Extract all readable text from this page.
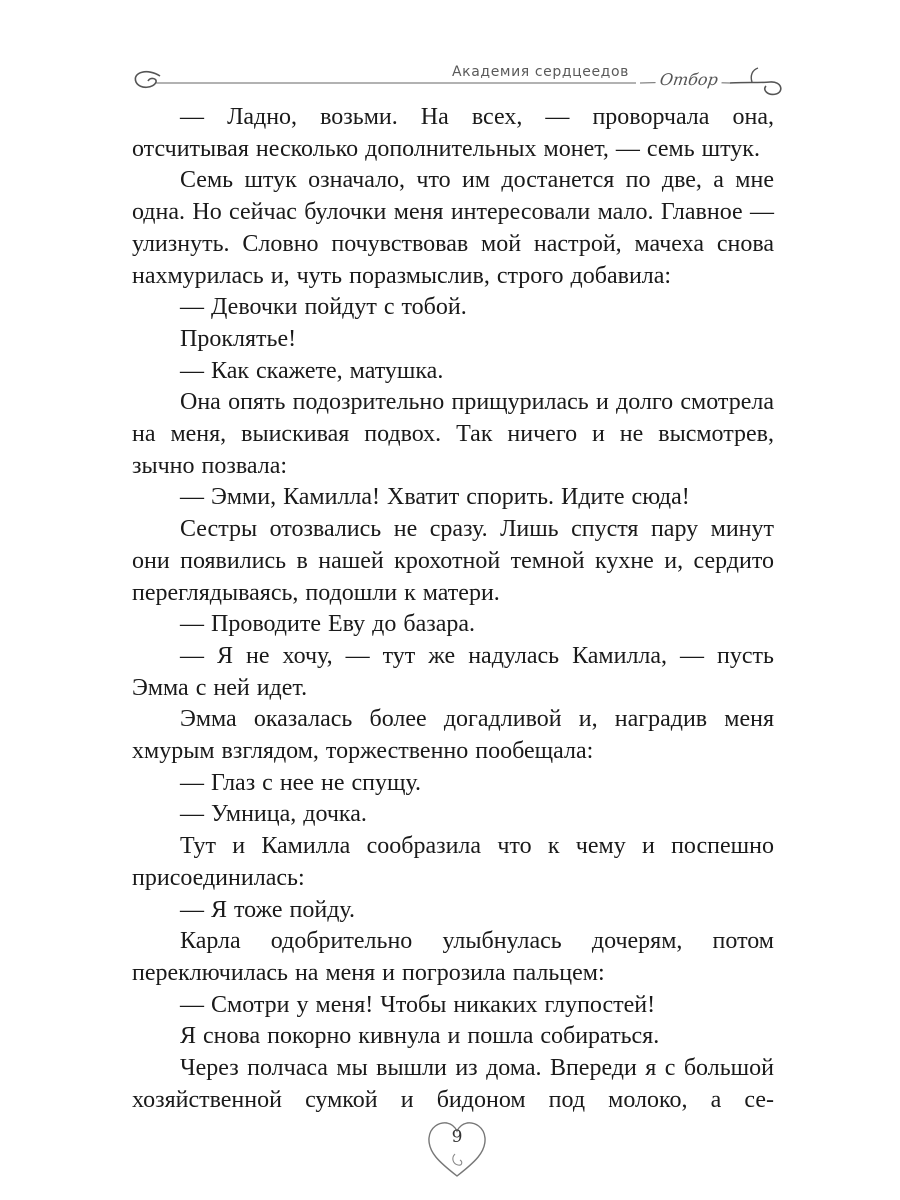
Академия сердцеедов Отбор

— Ладно, возьми. На всех, — проворчала она, отсчитывая несколько дополнительных монет, — семь штук.

Семь штук означало, что им достанется по две, а мне одна. Но сейчас булочки меня интересовали мало. Главное — улизнуть. Словно почувствовав мой настрой, мачеха снова нахмурилась и, чуть поразмыслив, строго добавила:

— Девочки пойдут с тобой.

Проклятье!

— Как скажете, матушка.

Она опять подозрительно прищурилась и долго смотрела на меня, выискивая подвох. Так ничего и не высмотрев, зычно позвала:

— Эмми, Камилла! Хватит спорить. Идите сюда!

Сестры отозвались не сразу. Лишь спустя пару минут они появились в нашей крохотной темной кухне и, сердито переглядываясь, подошли к матери.

— Проводите Еву до базара.

— Я не хочу, — тут же надулась Камилла, — пусть Эмма с ней идет.

Эмма оказалась более догадливой и, наградив меня хмурым взглядом, торжественно пообещала:

— Глаз с нее не спущу.

— Умница, дочка.

Тут и Камилла сообразила что к чему и поспешно присоединилась:

— Я тоже пойду.

Карла одобрительно улыбнулась дочерям, потом переключилась на меня и погрозила пальцем:

— Смотри у меня! Чтобы никаких глупостей!

Я снова покорно кивнула и пошла собираться.

Через полчаса мы вышли из дома. Впереди я с большой хозяйственной сумкой и бидоном под молоко, а се-

9
